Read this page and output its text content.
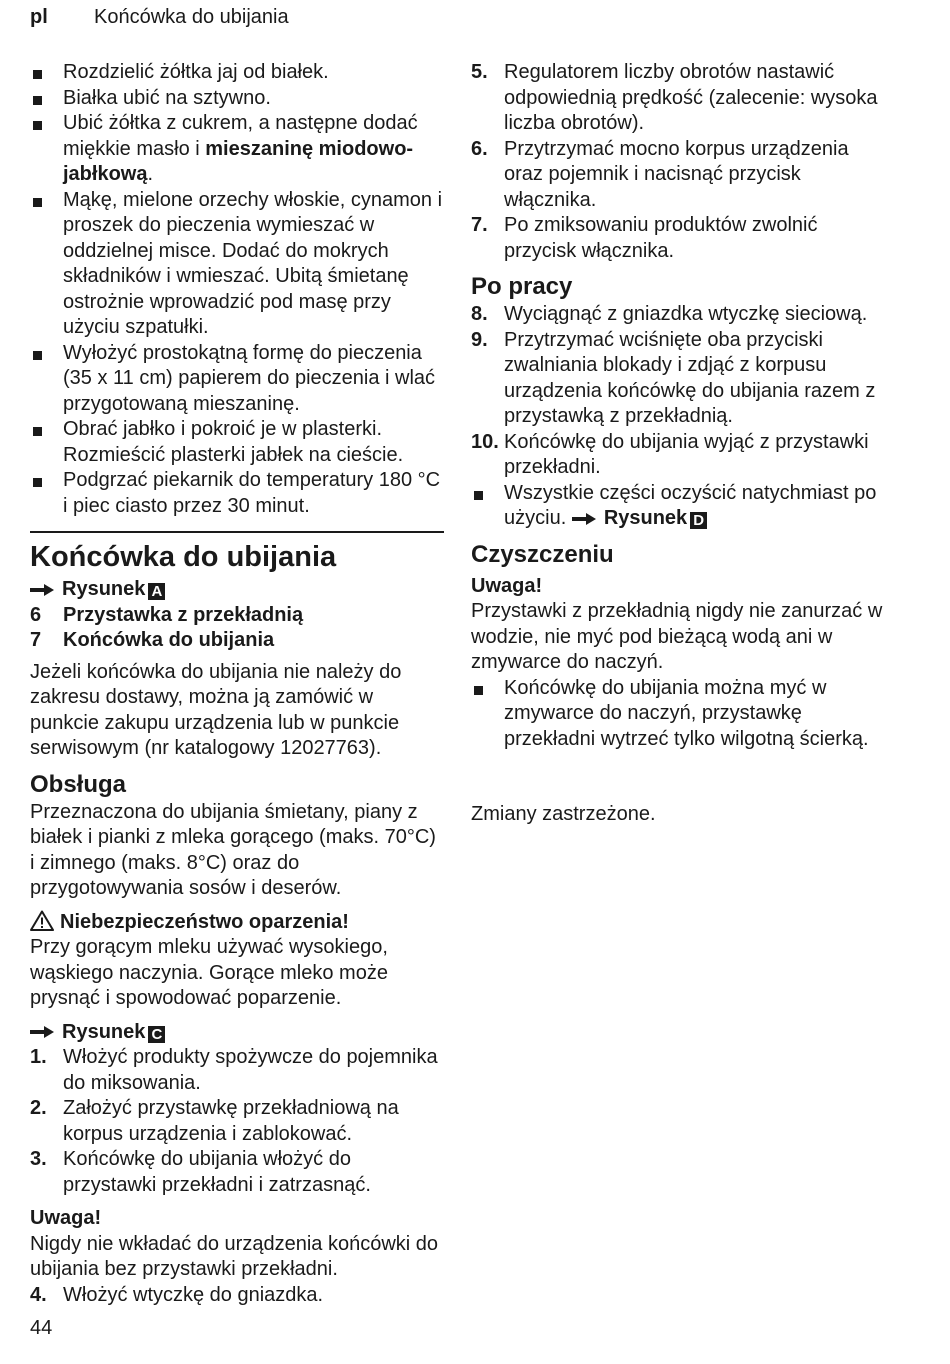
pl Końcówka do ubijania
Rozdzielić żółtka jaj od białek.
Białka ubić na sztywno.
Ubić żółtka z cukrem, a następne dodać miękkie masło i mieszaninę miodowo-jabłkową.
Mąkę, mielone orzechy włoskie, cynamon i proszek do pieczenia wymieszać w oddzielnej misce. Dodać do mokrych składników i wmieszać. Ubitą śmietanę ostrożnie wprowadzić pod masę przy użyciu szpatułki.
Wyłożyć prostokątną formę do pieczenia (35 x 11 cm) papierem do pieczenia i wlać przygotowaną mieszaninę.
Obrać jabłko i pokroić je w plasterki. Rozmieścić plasterki jabłek na cieście.
Podgrzać piekarnik do temperatury 180 °C i piec ciasto przez 30 minut.
Końcówka do ubijania
Rysunek A
6 Przystawka z przekładnią
7 Końcówka do ubijania

Jeżeli końcówka do ubijania nie należy do zakresu dostawy, można ją zamówić w punkcie zakupu urządzenia lub w punkcie serwisowym (nr katalogowy 12027763).

Obsługa

Przeznaczona do ubijania śmietany, piany z białek i pianki z mleka gorącego (maks. 70°C) i zimnego (maks. 8°C) oraz do przygotowywania sosów i deserów.

Niebezpieczeństwo oparzenia!

Przy gorącym mleku używać wysokiego, wąskiego naczynia. Gorące mleko może prysnąć i spowodować poparzenie.

Rysunek C
1. Włożyć produkty spożywcze do pojemnika do miksowania.
2. Założyć przystawkę przekładniową na korpus urządzenia i zablokować.
3. Końcówkę do ubijania włożyć do przystawki przekładni i zatrzasnąć.
Uwaga!

Nigdy nie wkładać do urządzenia końcówki do ubijania bez przystawki przekładni.

4. Włożyć wtyczkę do gniazdka.
5. Regulatorem liczby obrotów nastawić odpowiednią prędkość (zalecenie: wysoka liczba obrotów).
6. Przytrzymać mocno korpus urządzenia oraz pojemnik i nacisnąć przycisk włącznika.
7. Po zmiksowaniu produktów zwolnić przycisk włącznika.
Po pracy
8. Wyciągnąć z gniazdka wtyczkę sieciową.
9. Przytrzymać wciśnięte oba przyciski zwalniania blokady i zdjąć z korpusu urządzenia końcówkę do ubijania razem z przystawką z przekładnią.
10. Końcówkę do ubijania wyjąć z przystawki przekładni.
Wszystkie części oczyścić natychmiast po użyciu. Rysunek D
Czyszczeniu
Uwaga!

Przystawki z przekładnią nigdy nie zanurzać w wodzie, nie myć pod bieżącą wodą ani w zmywarce do naczyń.

Końcówkę do ubijania można myć w zmywarce do naczyń, przystawkę przekładni wytrzeć tylko wilgotną ścierką.

Zmiany zastrzeżone.

44
